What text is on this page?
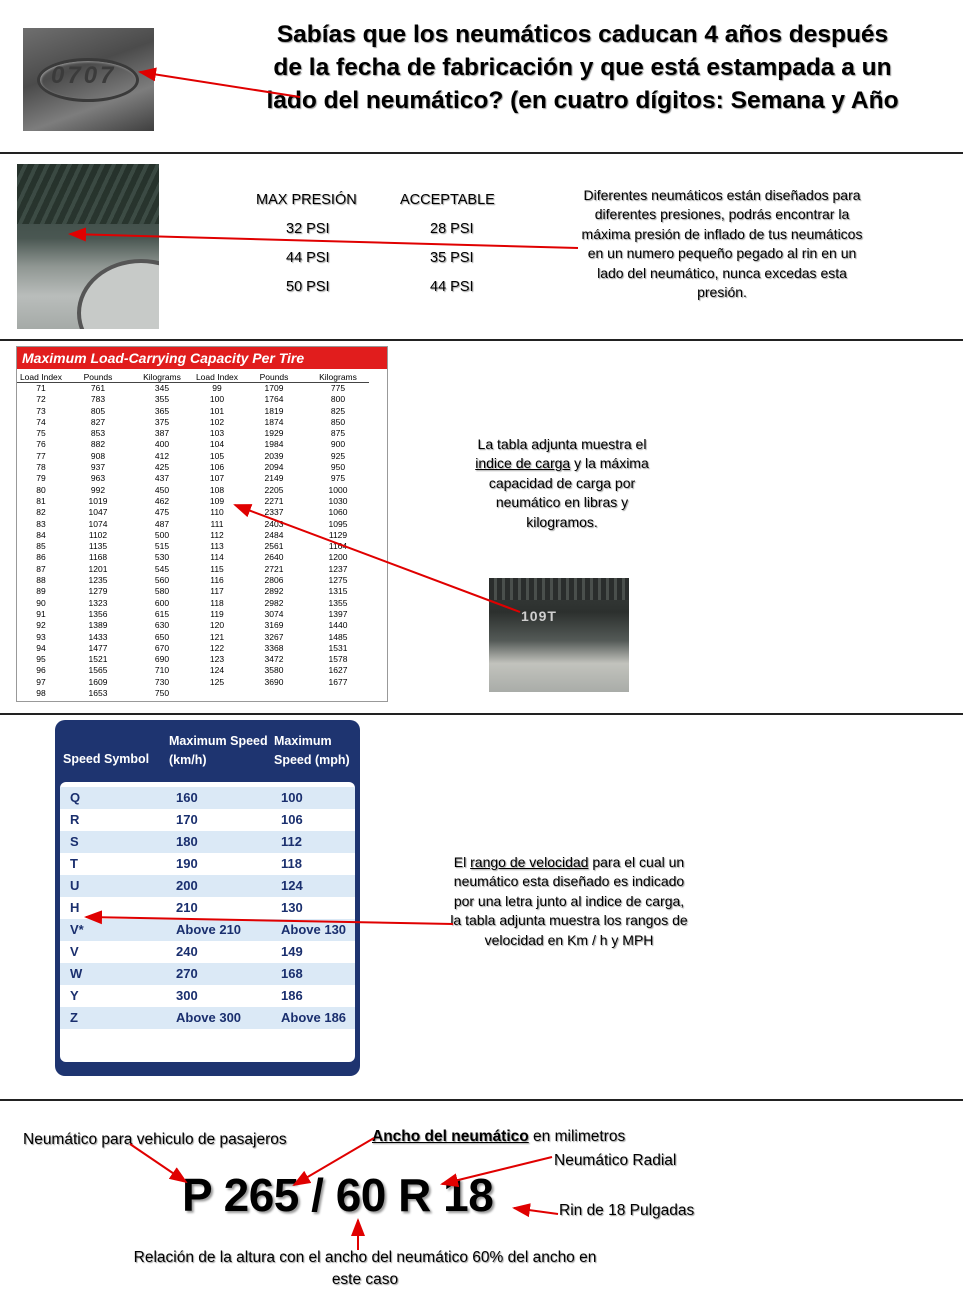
0707
Sabías que los neumáticos caducan 4 años después de la fecha de fabricación y que está estampada a un lado del neumático? (en cuatro dígitos: Semana y Año
MAX PRESIÓN	ACCEPTABLE
32 PSI	28 PSI
44 PSI	35 PSI
50 PSI	44 PSI
Diferentes neumáticos están diseñados para diferentes presiones, podrás encontrar la máxima presión de inflado de tus neumáticos en un numero pequeño pegado al rin en un lado del neumático, nunca excedas esta presión.
Maximum Load-Carrying Capacity Per Tire
Load Index	Pounds	Kilograms	Load Index	Pounds	Kilograms
71	761	345	99	1709	775
72	783	355	100	1764	800
73	805	365	101	1819	825
74	827	375	102	1874	850
75	853	387	103	1929	875
76	882	400	104	1984	900
77	908	412	105	2039	925
78	937	425	106	2094	950
79	963	437	107	2149	975
80	992	450	108	2205	1000
81	1019	462	109	2271	1030
82	1047	475	110	2337	1060
83	1074	487	111	2403	1095
84	1102	500	112	2484	1129
85	1135	515	113	2561	1164
86	1168	530	114	2640	1200
87	1201	545	115	2721	1237
88	1235	560	116	2806	1275
89	1279	580	117	2892	1315
90	1323	600	118	2982	1355
91	1356	615	119	3074	1397
92	1389	630	120	3169	1440
93	1433	650	121	3267	1485
94	1477	670	122	3368	1531
95	1521	690	123	3472	1578
96	1565	710	124	3580	1627
97	1609	730	125	3690	1677
98	1653	750			
La tabla adjunta muestra el indice de carga y la máxima capacidad de carga por neumático en libras y kilogramos.
109T
Speed Symbol
Maximum Speed (km/h)
Maximum Speed (mph)
Q	160	100
R	170	106
S	180	112
T	190	118
U	200	124
H	210	130
V*	Above 210	Above 130
V	240	149
W	270	168
Y	300	186
Z	Above 300	Above 186
El rango de velocidad para el cual un neumático esta diseñado es indicado por una letra junto al indice de carga, la tabla adjunta muestra los rangos de velocidad en Km / h y MPH
Neumático para vehiculo de pasajeros	Ancho del neumático en milimetros
Neumático Radial
P 265 / 60 R 18	Rin de 18 Pulgadas
Relación de la altura con el ancho del neumático 60% del ancho en este caso
